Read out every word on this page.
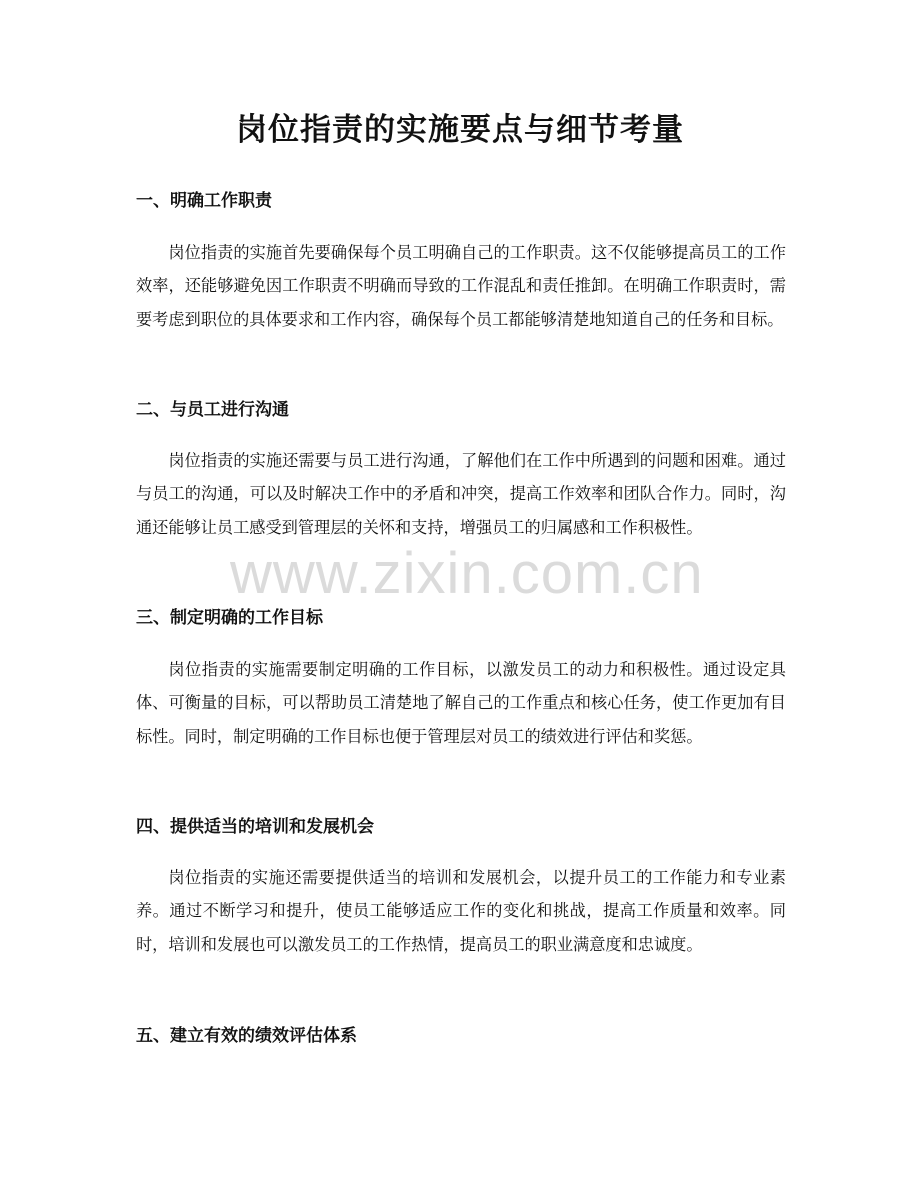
岗位指责的实施要点与细节考量
一、明确工作职责

岗位指责的实施首先要确保每个员工明确自己的工作职责。这不仅能够提高员工的工作效率，还能够避免因工作职责不明确而导致的工作混乱和责任推卸。在明确工作职责时，需要考虑到职位的具体要求和工作内容，确保每个员工都能够清楚地知道自己的任务和目标。

二、与员工进行沟通

岗位指责的实施还需要与员工进行沟通，了解他们在工作中所遇到的问题和困难。通过与员工的沟通，可以及时解决工作中的矛盾和冲突，提高工作效率和团队合作力。同时，沟通还能够让员工感受到管理层的关怀和支持，增强员工的归属感和工作积极性。

三、制定明确的工作目标

岗位指责的实施需要制定明确的工作目标，以激发员工的动力和积极性。通过设定具体、可衡量的目标，可以帮助员工清楚地了解自己的工作重点和核心任务，使工作更加有目标性。同时，制定明确的工作目标也便于管理层对员工的绩效进行评估和奖惩。

四、提供适当的培训和发展机会

岗位指责的实施还需要提供适当的培训和发展机会，以提升员工的工作能力和专业素养。通过不断学习和提升，使员工能够适应工作的变化和挑战，提高工作质量和效率。同时，培训和发展也可以激发员工的工作热情，提高员工的职业满意度和忠诚度。

五、建立有效的绩效评估体系
www.zixin.com.cn
